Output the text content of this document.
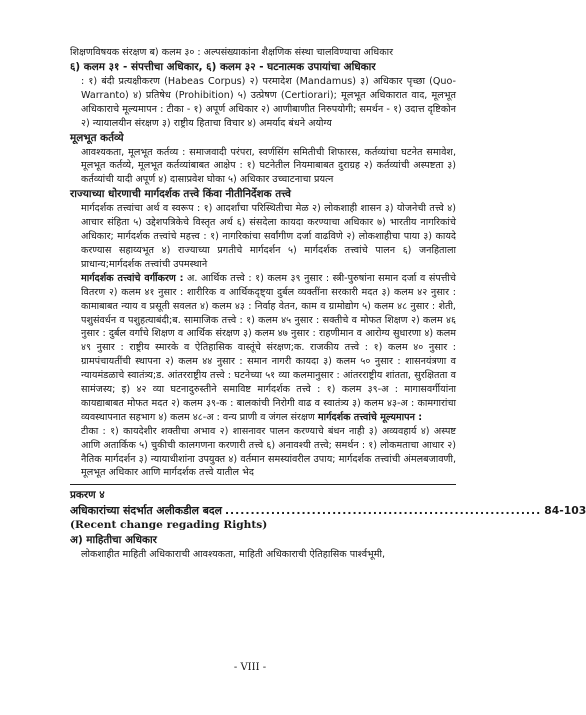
शिक्षणविषयक संरक्षण ब) कलम ३० : अल्पसंख्याकांना शैक्षणिक संस्था चालविण्याचा अधिकार

६) कलम ३१ - संपत्तीचा अधिकार, ६) कलम ३२ - घटनात्मक उपायांचा अधिकार

: १) बंदी प्रत्यक्षीकरण (Habeas Corpus) २) परमादेश (Mandamus) ३) अधिकार पृच्छा (Quo-Warranto) ४) प्रतिषेध (Prohibition) ५) उत्प्रेषण (Certiorari); मूलभूत अधिकारात वाद, मूलभूत अधिकाराचे मूल्यमापन : टीका - १) अपूर्ण अधिकार २) आणीबाणीत निरुपयोगी; समर्थन - १) उदात्त दृष्टिकोन २) न्यायालयीन संरक्षण ३) राष्ट्रीय हिताचा विचार ४) अमर्याद बंधने अयोग्य

मूलभूत कर्तव्ये

आवश्यकता, मूलभूत कर्तव्य : समाजवादी परंपरा, स्वर्णसिंग समितीची शिफारस, कर्तव्यांचा घटनेत समावेश, मूलभूत कर्तव्ये, मूलभूत कर्तव्यांबाबत आक्षेप : १) घटनेतील नियमाबाबत दुराग्रह २) कर्तव्यांची अस्पष्टता ३) कर्तव्यांची यादी अपूर्ण ४) दासाप्रवेश घोका ५) अधिकार उच्चाटनाचा प्रयत्न

राज्याच्या धोरणाची मार्गदर्शक तत्त्वे किंवा नीतीनिर्देशक तत्त्वे

मार्गदर्शक तत्त्वांचा अर्थ व स्वरूप : १) आदर्शांचा परिस्थितीचा मेळ २) लोकशाही शासन ३) योजनेची तत्त्वे ४) आचार संहिता ५) उद्देशपत्रिकेचे विस्तृत अर्थ ६) संसदेला कायदा करण्याचा अधिकार ७) भारतीय नागरिकांचे अधिकार; मार्गदर्शक तत्त्वांचे महत्त्व : १) नागरिकांचा सर्वांगीण दर्जा वाढविणे २) लोकशाहीचा पाया ३) कायदे करण्यास सहाय्यभूत ४) राज्याच्या प्रगतीचे मार्गदर्शन ५) मार्गदर्शक तत्त्वांचे पालन ६) जनहिताला प्राधान्य;मार्गदर्शक तत्त्वांची उपमस्थाने

मार्गदर्शक तत्त्वांचे वर्गीकरण : अ. आर्थिक तत्त्वे : १) कलम ३९ नुसार : स्त्री-पुरुषांना समान दर्जा व संपत्तीचे वितरण २) कलम ४१ नुसार : शारीरिक व आर्थिकदृष्ट्या दुर्बल व्यक्तींना सरकारी मदत ३) कलम ४२ नुसार : कामाबाबत न्याय व प्रसूती सवलत ४) कलम ४३ : निर्वाह वेतन, काम व ग्रामोद्योग ५) कलम ४८ नुसार : शेती, पशुसंवर्धन व पशुहत्याबंदी;ब. सामाजिक तत्त्वे : १) कलम ४५ नुसार : सक्तीचे व मोफत शिक्षण २) कलम ४६ नुसार : दुर्बल वर्गांचे शिक्षण व आर्थिक संरक्षण ३) कलम ४७ नुसार : राहणीमान व आरोग्य सुधारणा ४) कलम ४९ नुसार : राष्ट्रीय स्मारके व ऐतिहासिक वास्तूंचे संरक्षण;क. राजकीय तत्त्वे : १) कलम ४० नुसार : ग्रामपंचायतींची स्थापना २) कलम ४४ नुसार : समान नागरी कायदा ३) कलम ५० नुसार : शासनयंत्रणा व न्यायमंडळाचे स्वातंत्र्य;ड. आंतरराष्ट्रीय तत्त्वे : घटनेच्या ५१ व्या कलमानुसार : आंतरराष्ट्रीय शांतता, सुरक्षितता व सामंजस्य; इ) ४२ व्या घटनादुरुस्तीने समाविष्ट मार्गदर्शक तत्त्वे : १) कलम ३९-अ : मागासवर्गीयांना कायद्याबाबत मोफत मदत २) कलम ३९-क : बालकांची निरोगी वाढ व स्वातंत्र्य ३) कलम ४३-अ : कामगारांचा व्यवस्थापनात सहभाग ४) कलम ४८-अ : वन्य प्राणी व जंगल संरक्षण मार्गदर्शक तत्त्वांचे मूल्यमापन :

टीका : १) कायदेशीर शक्तीचा अभाव २) शासनावर पालन करण्याचे बंधन नाही ३) अव्यवहार्य ४) अस्पष्ट आणि अतार्किक ५) चुकीची कालगणना करणारी तत्त्वे ६) अनावश्यी तत्त्वे; समर्थन : १) लोकमताचा आधार २) नैतिक मार्गदर्शन ३) न्यायाधीशांना उपयुक्त ४) वर्तमान समस्यांवरील उपाय; मार्गदर्शक तत्त्वांची अंमलबजावणी, मूलभूत अधिकार आणि मार्गदर्शक तत्त्वे यातील भेद

प्रकरण ४

अधिकारांच्या संदर्भात अलीकडील बदल .............................................................. 84-103

(Recent change regading Rights)

अ) माहितीचा अधिकार

लोकशाहीत माहिती अधिकाराची आवश्यकता, माहिती अधिकाराची ऐतिहासिक पार्श्वभूमी,

- VIII -
